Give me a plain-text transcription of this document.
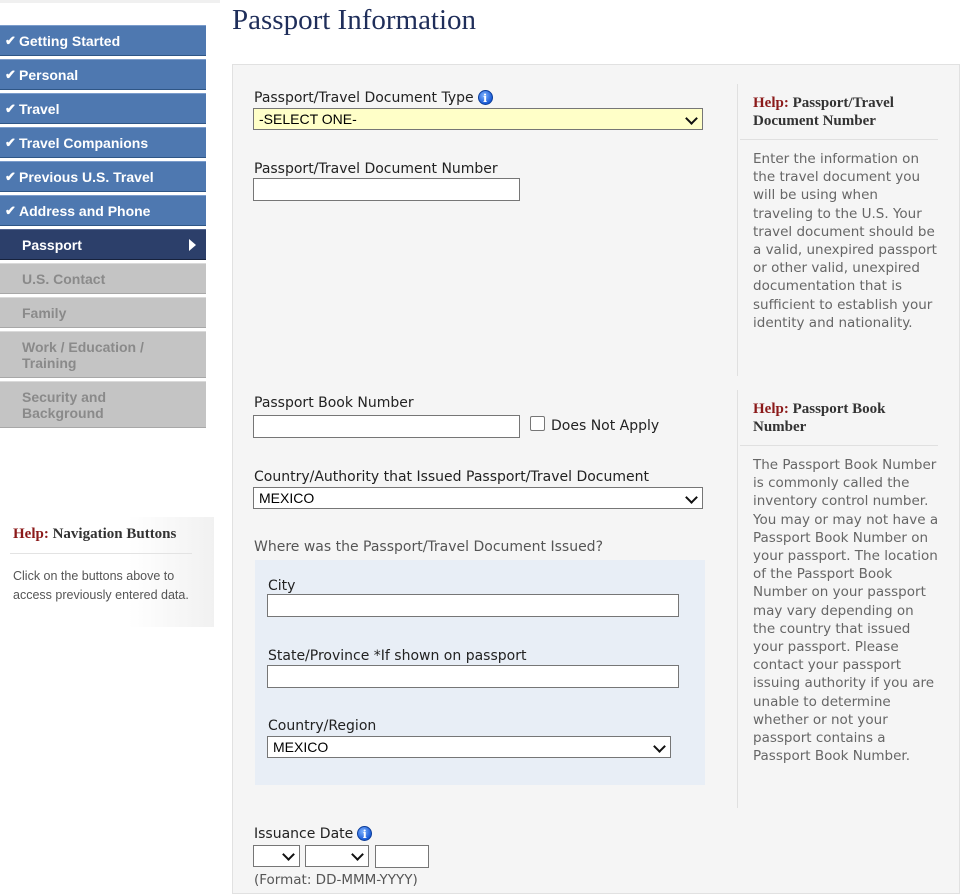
✔ Getting Started
✔ Personal
✔ Travel
✔ Travel Companions
✔ Previous U.S. Travel
✔ Address and Phone
Passport
U.S. Contact
Family
Work / Education / Training
Security and Background
Help: Navigation Buttons
Click on the buttons above to access previously entered data.
Passport Information
Passport/Travel Document Type i
-SELECT ONE-
Passport/Travel Document Number
Passport Book Number
Does Not Apply
Country/Authority that Issued Passport/Travel Document
MEXICO
Where was the Passport/Travel Document Issued?
City
State/Province *If shown on passport
Country/Region
MEXICO
Issuance Date i
(Format: DD-MMM-YYYY)
Help: Passport/Travel Document Number
Enter the information on the travel document you will be using when traveling to the U.S. Your travel document should be a valid, unexpired passport or other valid, unexpired documentation that is sufficient to establish your identity and nationality.
Help: Passport Book Number
The Passport Book Number is commonly called the inventory control number. You may or may not have a Passport Book Number on your passport. The location of the Passport Book Number on your passport may vary depending on the country that issued your passport. Please contact your passport issuing authority if you are unable to determine whether or not your passport contains a Passport Book Number.
